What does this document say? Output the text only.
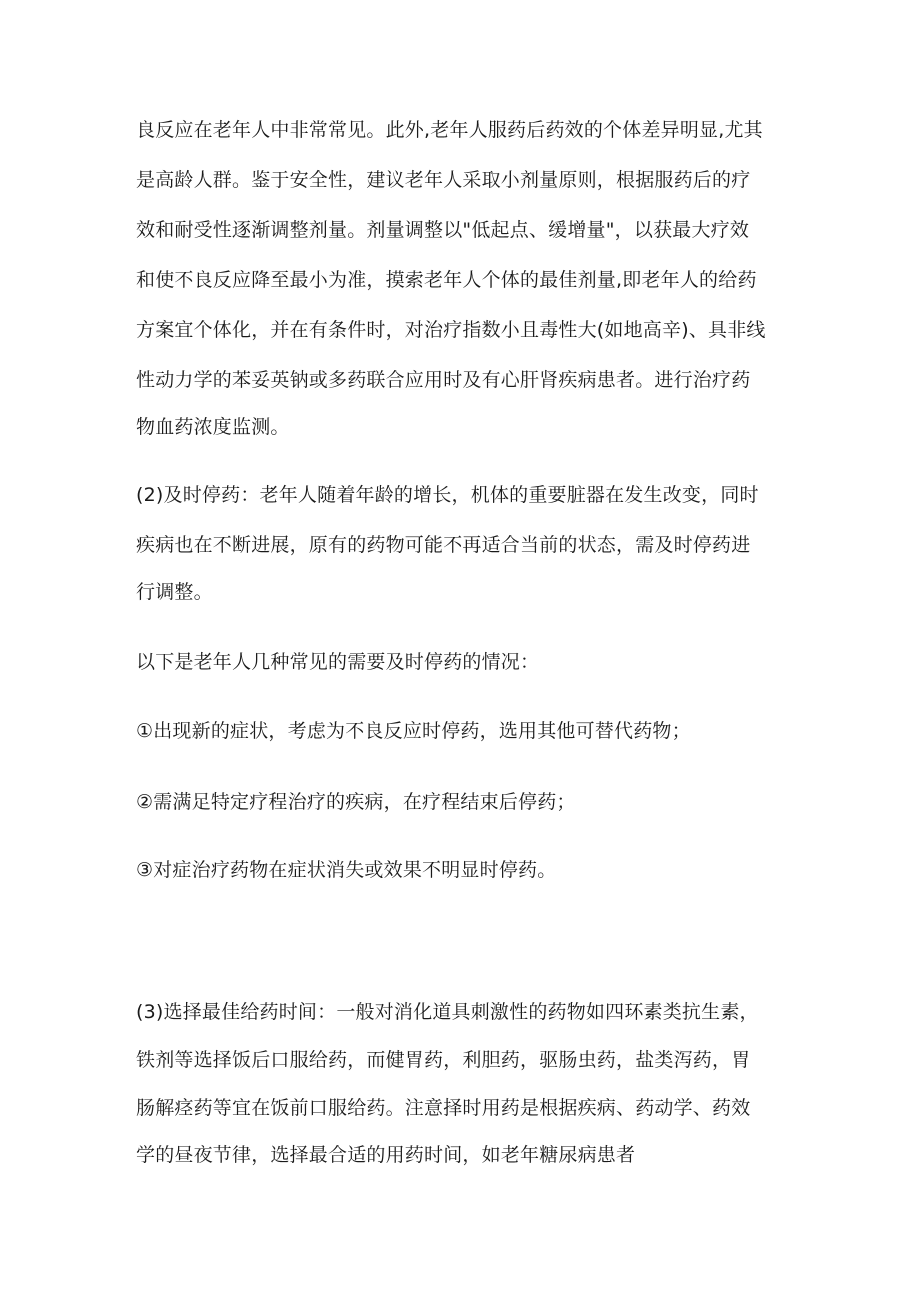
良反应在老年人中非常常见。此外,老年人服药后药效的个体差异明显,尤其
是高龄人群。鉴于安全性，建议老年人采取小剂量原则，根据服药后的疗
效和耐受性逐渐调整剂量。剂量调整以"低起点、缓增量"，以获最大疗效
和使不良反应降至最小为准，摸索老年人个体的最佳剂量,即老年人的给药
方案宜个体化，并在有条件时，对治疗指数小且毒性大(如地高辛)、具非线
性动力学的苯妥英钠或多药联合应用时及有心肝肾疾病患者。进行治疗药
物血药浓度监测。
(2)及时停药：老年人随着年龄的增长，机体的重要脏器在发生改变，同时
疾病也在不断进展，原有的药物可能不再适合当前的状态，需及时停药进
行调整。
以下是老年人几种常见的需要及时停药的情况：
①出现新的症状，考虑为不良反应时停药，选用其他可替代药物；
②需满足特定疗程治疗的疾病，在疗程结束后停药；
③对症治疗药物在症状消失或效果不明显时停药。
(3)选择最佳给药时间：一般对消化道具刺激性的药物如四环素类抗生素，
铁剂等选择饭后口服给药，而健胃药，利胆药，驱肠虫药，盐类泻药，胃
肠解痉药等宜在饭前口服给药。注意择时用药是根据疾病、药动学、药效
学的昼夜节律，选择最合适的用药时间，如老年糖尿病患者
